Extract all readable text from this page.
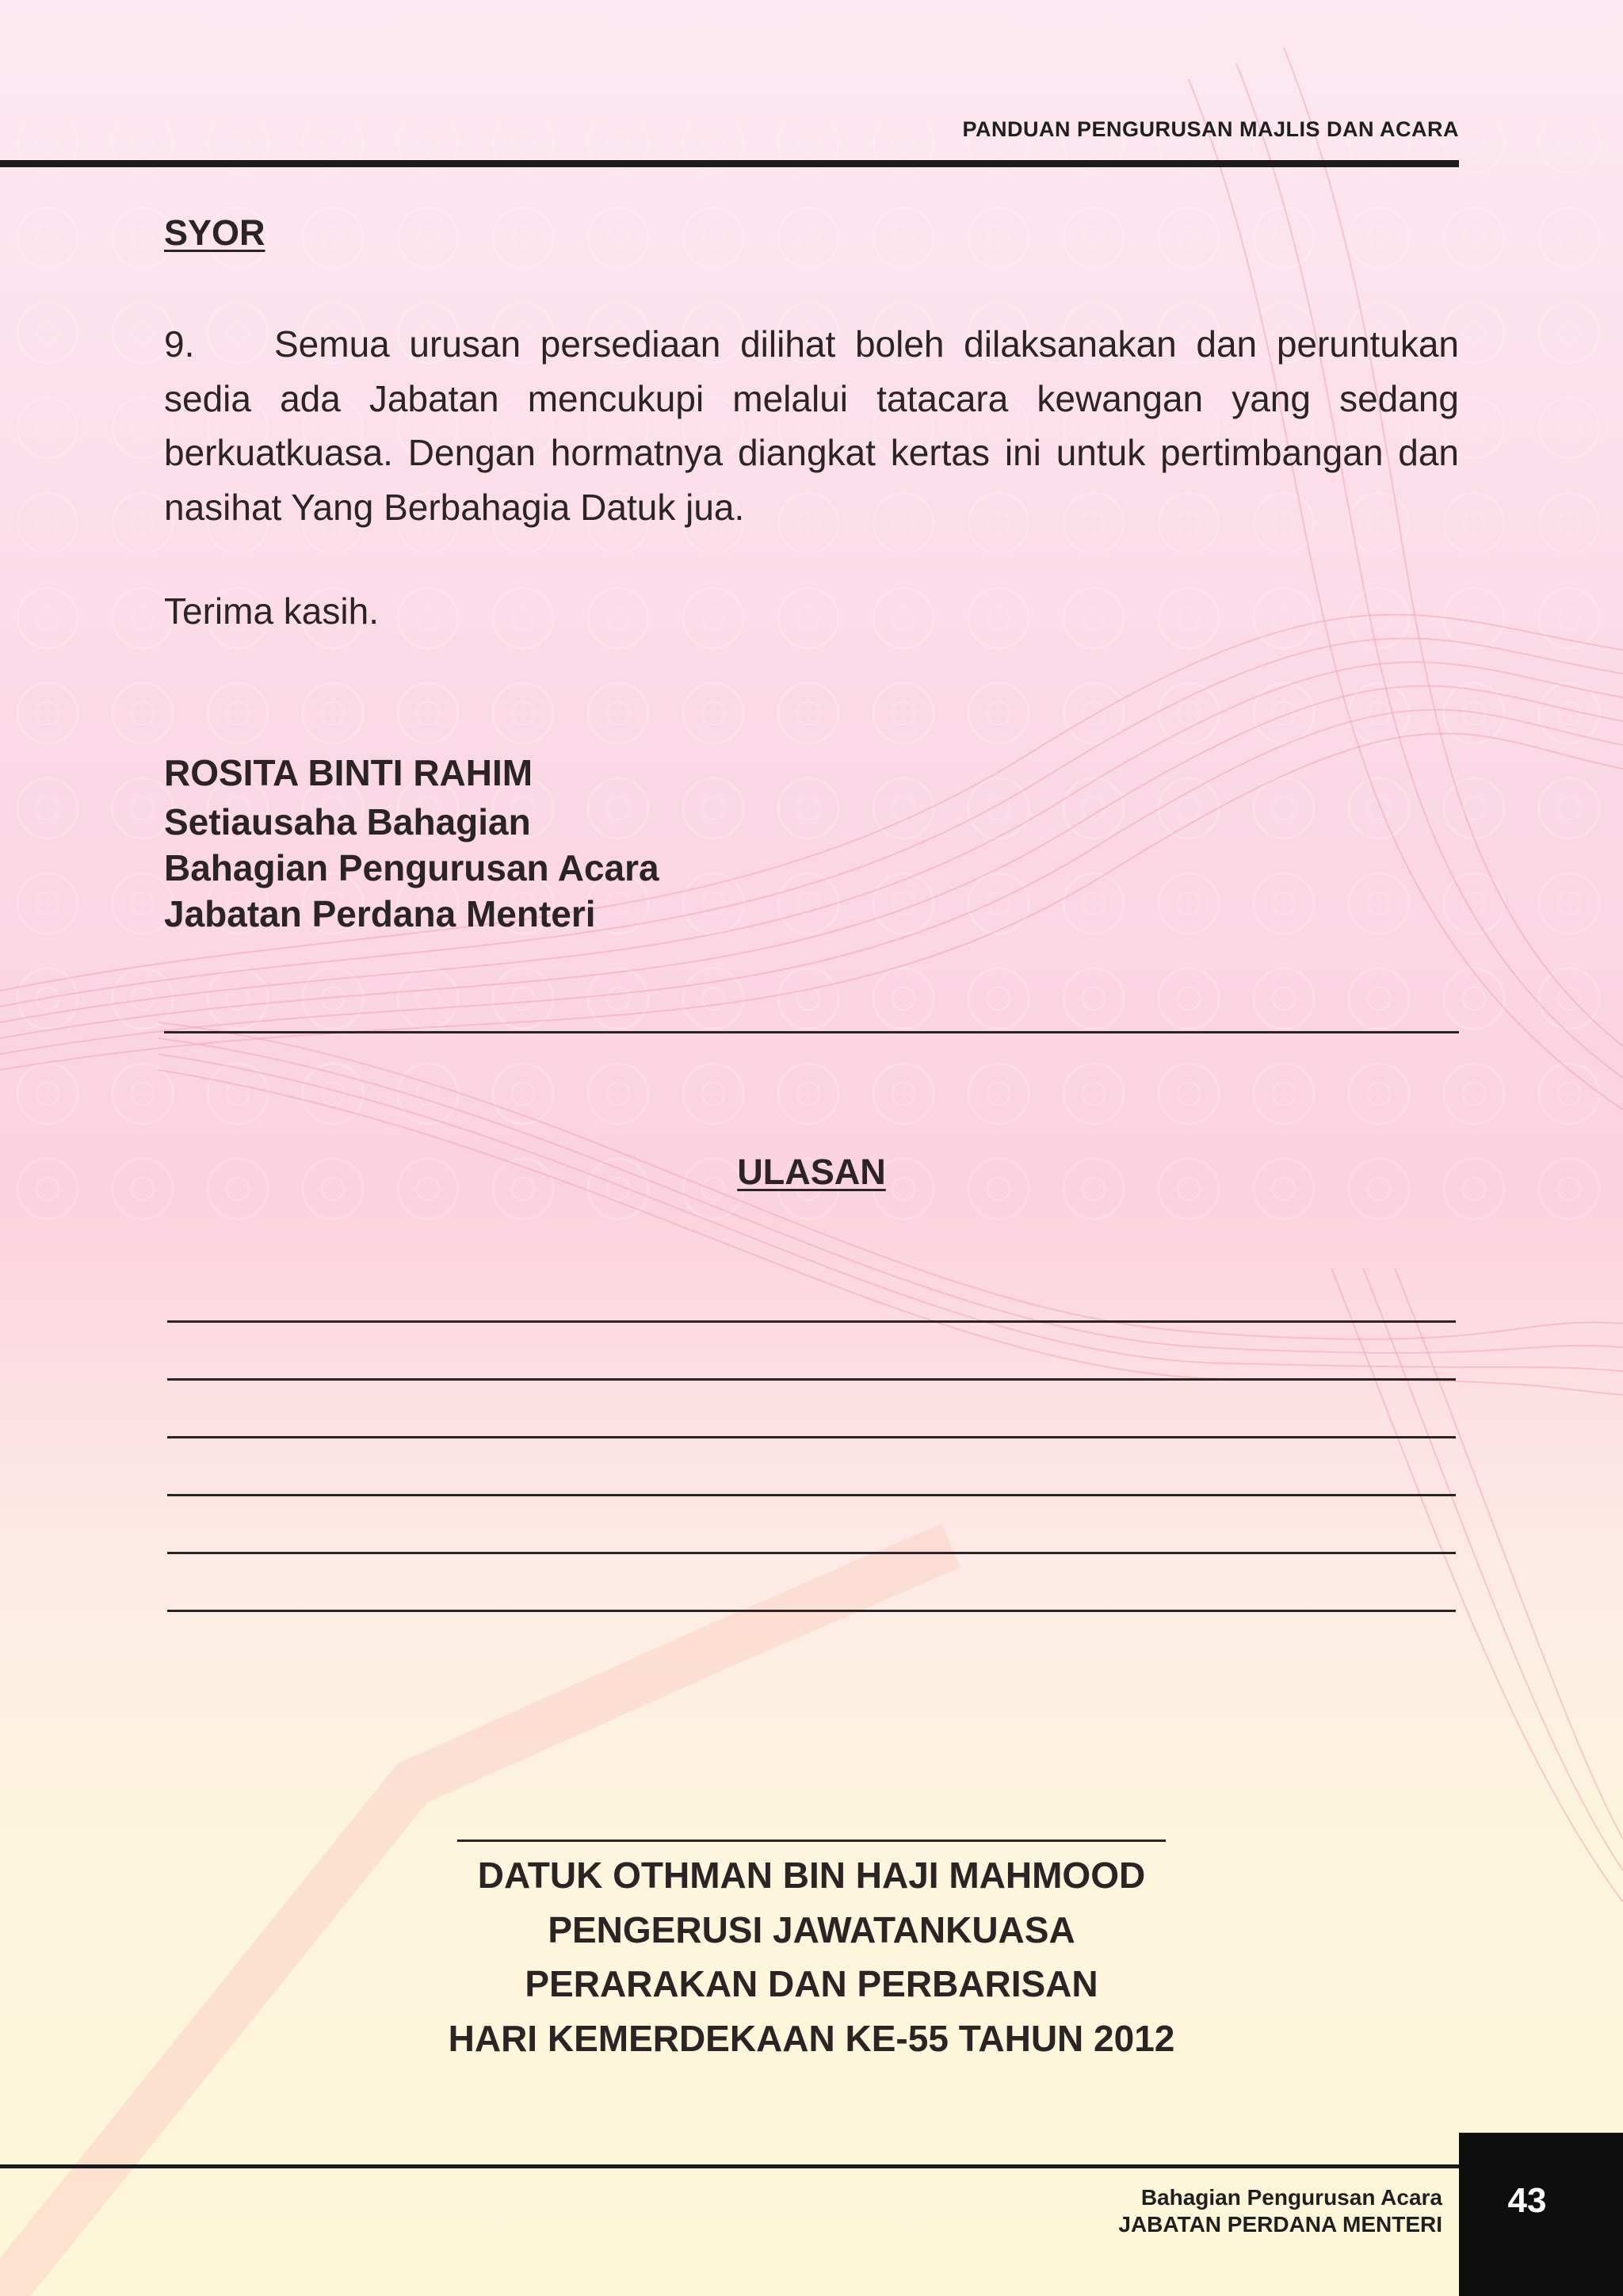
PANDUAN PENGURUSAN MAJLIS DAN ACARA
SYOR
9. Semua urusan persediaan dilihat boleh dilaksanakan dan peruntukan sedia ada Jabatan mencukupi melalui tatacara kewangan yang sedang berkuatkuasa. Dengan hormatnya diangkat kertas ini untuk pertimbangan dan nasihat Yang Berbahagia Datuk jua.
Terima kasih.
ROSITA BINTI RAHIM
Setiausaha Bahagian
Bahagian Pengurusan Acara
Jabatan Perdana Menteri
ULASAN
DATUK OTHMAN BIN HAJI MAHMOOD
PENGERUSI JAWATANKUASA
PERARAKAN DAN PERBARISAN
HARI KEMERDEKAAN KE-55 TAHUN 2012
Bahagian Pengurusan Acara
JABATAN PERDANA MENTERI
43
